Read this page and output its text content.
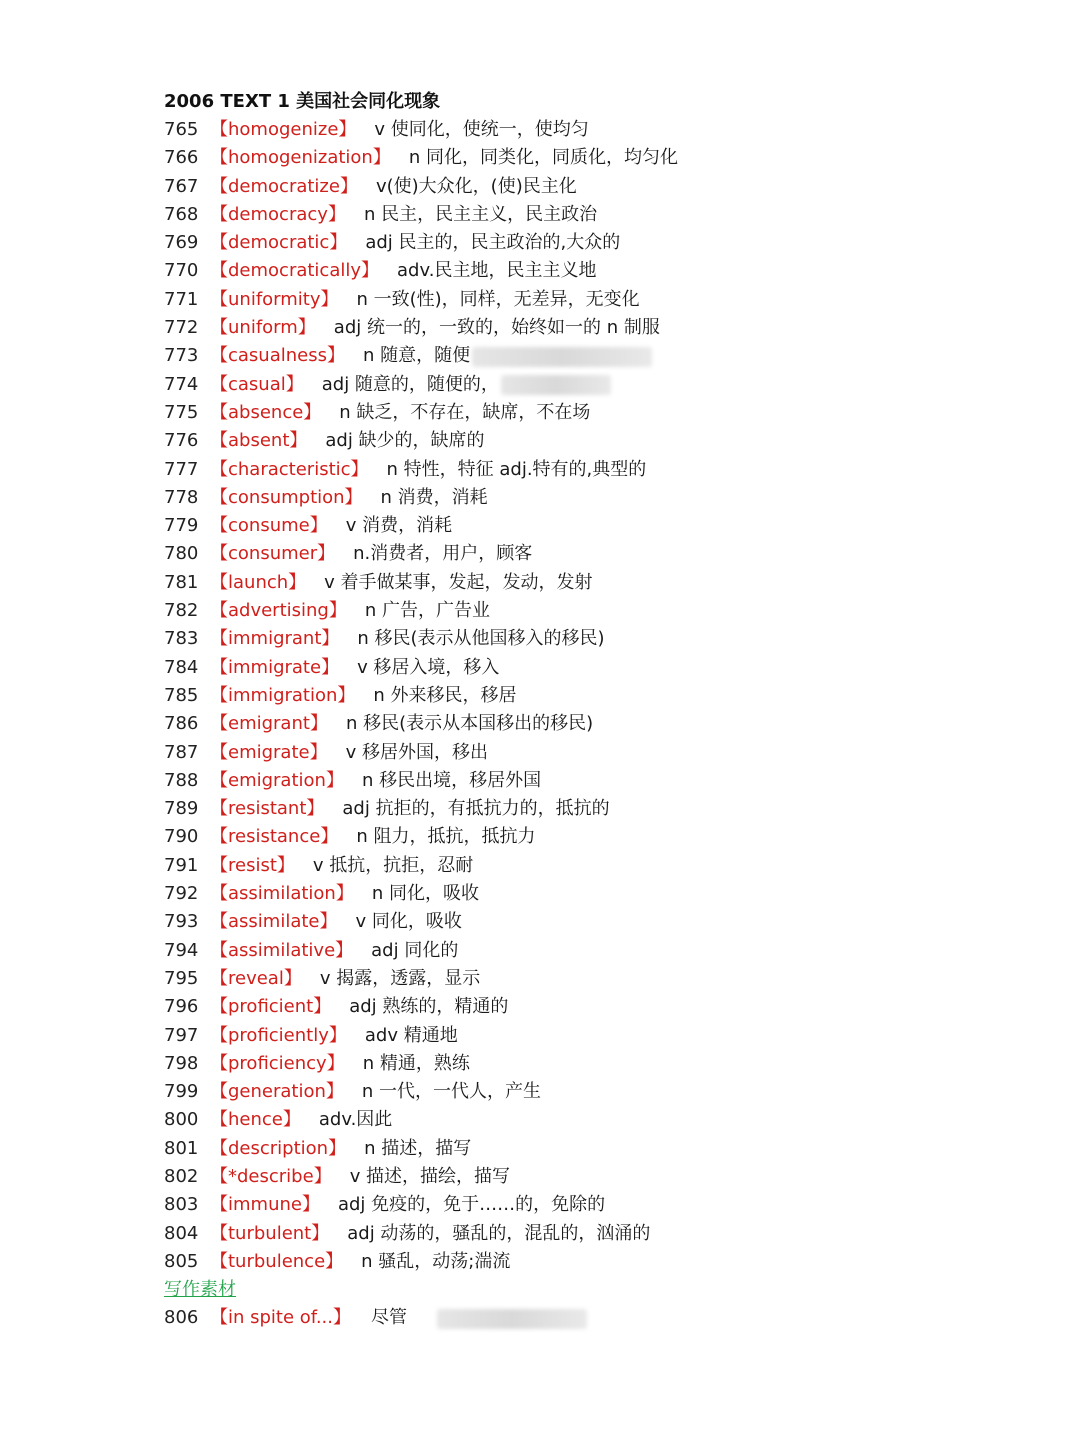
2006 TEXT 1 美国社会同化现象
765 【 homogenize 】 v 使同化，使统一，使均匀
766 【 homogenization 】 n 同化，同类化，同质化，均匀化
767 【 democratize 】 v(使)大众化，(使)民主化
768 【 democracy 】 n 民主，民主主义，民主政治
769 【 democratic 】 adj 民主的，民主政治的,大众的
770 【 democratically 】 adv.民主地，民主主义地
771 【 uniformity 】 n 一致(性)，同样，无差异，无变化
772 【 uniform 】 adj 统一的，一致的，始终如一的 n 制服
773 【 casualness 】 n 随意，随便
774 【 casual 】 adj 随意的，随便的，
775 【 absence 】 n 缺乏，不存在，缺席，不在场
776 【 absent 】 adj 缺少的，缺席的
777 【 characteristic 】 n 特性，特征 adj.特有的,典型的
778 【 consumption 】 n 消费，消耗
779 【 consume 】 v 消费，消耗
780 【 consumer 】 n.消费者，用户，顾客
781 【 launch 】 v 着手做某事，发起，发动，发射
782 【 advertising 】 n 广告，广告业
783 【 immigrant 】 n 移民(表示从他国移入的移民)
784 【 immigrate 】 v 移居入境，移入
785 【 immigration 】 n 外来移民，移居
786 【 emigrant 】 n 移民(表示从本国移出的移民)
787 【 emigrate 】 v 移居外国，移出
788 【 emigration 】 n 移民出境，移居外国
789 【 resistant 】 adj 抗拒的，有抵抗力的，抵抗的
790 【 resistance 】 n 阻力，抵抗，抵抗力
791 【 resist 】 v 抵抗，抗拒，忍耐
792 【 assimilation 】 n 同化，吸收
793 【 assimilate 】 v 同化，吸收
794 【 assimilative 】 adj 同化的
795 【 reveal 】 v 揭露，透露，显示
796 【 proficient 】 adj 熟练的，精通的
797 【 proficiently 】 adv 精通地
798 【 proficiency 】 n 精通，熟练
799 【 generation 】 n 一代，一代人，产生
800 【 hence 】 adv.因此
801 【 description 】 n 描述，描写
802 【 *describe 】 v 描述，描绘，描写
803 【 immune 】 adj 免疫的，免于……的，免除的
804 【 turbulent 】 adj 动荡的，骚乱的，混乱的，汹涌的
805 【 turbulence 】 n 骚乱，动荡;湍流
写作素材
806 【 in spite of... 】 尽管
